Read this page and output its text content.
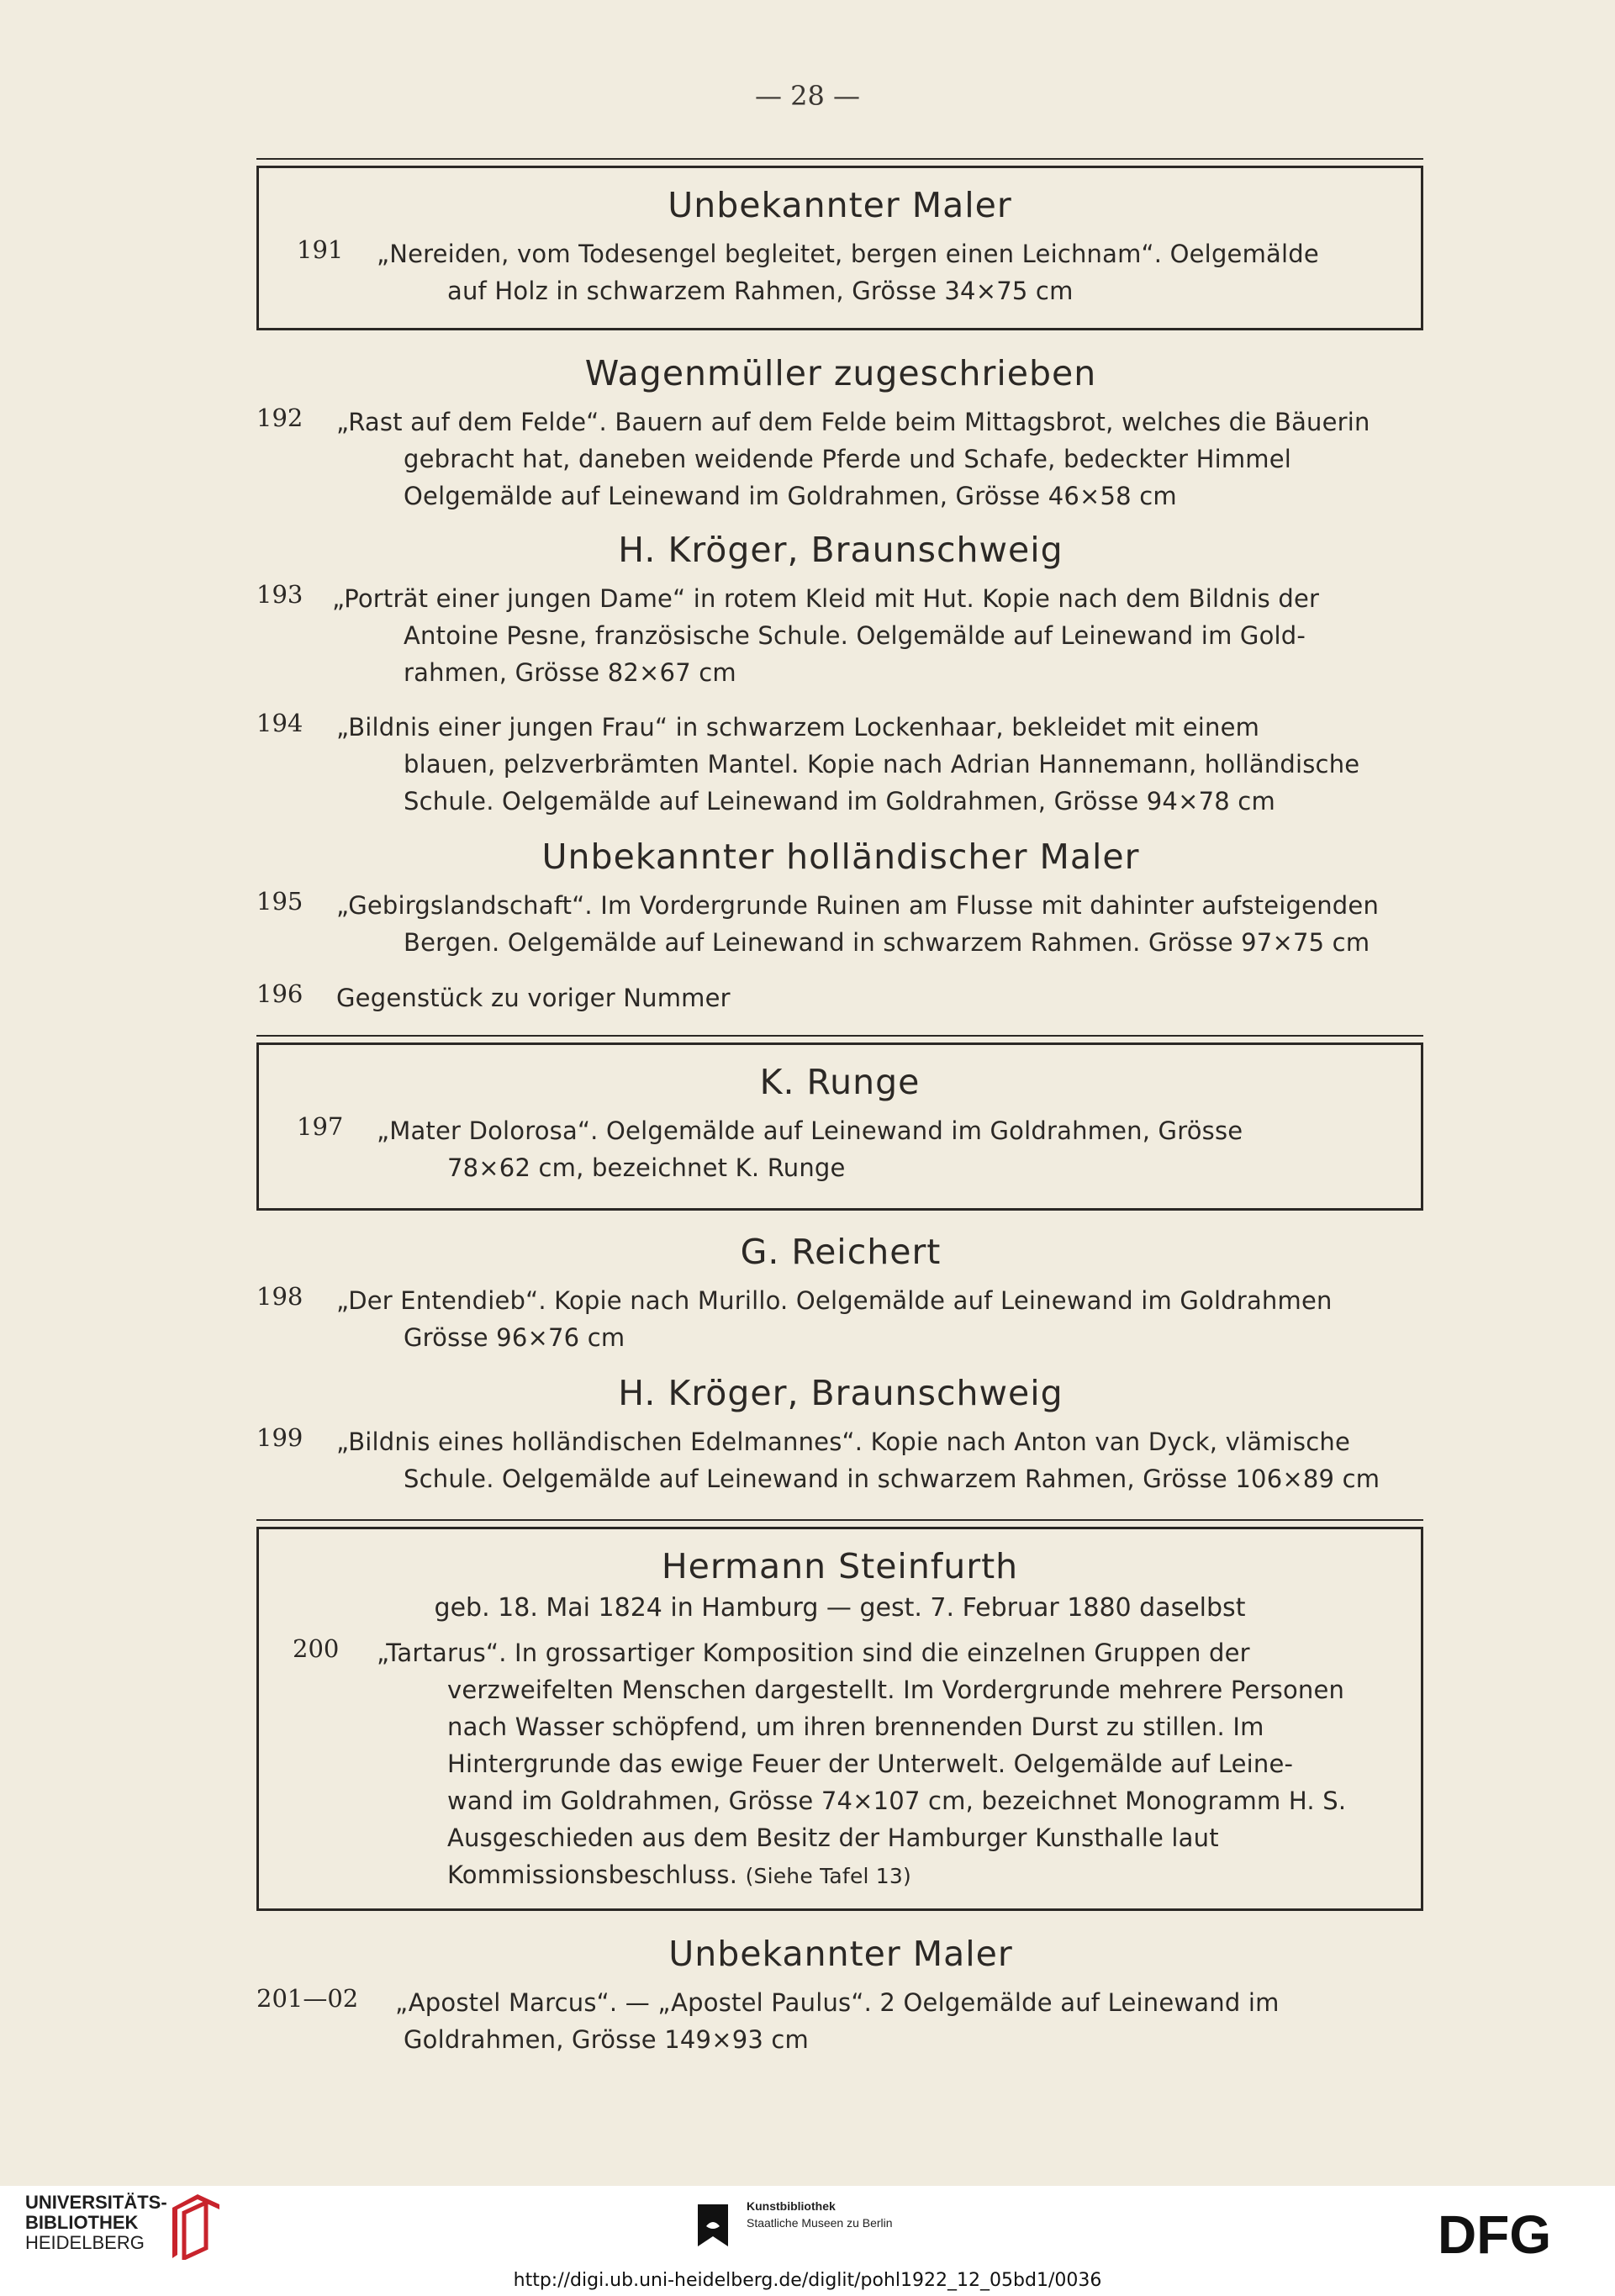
— 28 —
Unbekannter Maler
191 „Nereiden, vom Todesengel begleitet, bergen einen Leichnam“. Oelgemälde
auf Holz in schwarzem Rahmen, Grösse 34×75 cm
Wagenmüller zugeschrieben
192 „Rast auf dem Felde“. Bauern auf dem Felde beim Mittagsbrot, welches die Bäuerin
gebracht hat, daneben weidende Pferde und Schafe, bedeckter Himmel
Oelgemälde auf Leinewand im Goldrahmen, Grösse 46×58 cm
H. Kröger, Braunschweig
193 „Porträt einer jungen Dame“ in rotem Kleid mit Hut. Kopie nach dem Bildnis der
Antoine Pesne, französische Schule. Oelgemälde auf Leinewand im Gold-
rahmen, Grösse 82×67 cm
194 „Bildnis einer jungen Frau“ in schwarzem Lockenhaar, bekleidet mit einem
blauen, pelzverbrämten Mantel. Kopie nach Adrian Hannemann, holländische
Schule. Oelgemälde auf Leinewand im Goldrahmen, Grösse 94×78 cm
Unbekannter holländischer Maler
195 „Gebirgslandschaft“. Im Vordergrunde Ruinen am Flusse mit dahinter aufsteigenden
Bergen. Oelgemälde auf Leinewand in schwarzem Rahmen. Grösse 97×75 cm
196 Gegenstück zu voriger Nummer
K. Runge
197 „Mater Dolorosa“. Oelgemälde auf Leinewand im Goldrahmen, Grösse
78×62 cm, bezeichnet K. Runge
G. Reichert
198 „Der Entendieb“. Kopie nach Murillo. Oelgemälde auf Leinewand im Goldrahmen
Grösse 96×76 cm
H. Kröger, Braunschweig
199 „Bildnis eines holländischen Edelmannes“. Kopie nach Anton van Dyck, vlämische
Schule. Oelgemälde auf Leinewand in schwarzem Rahmen, Grösse 106×89 cm
Hermann Steinfurth
geb. 18. Mai 1824 in Hamburg — gest. 7. Februar 1880 daselbst
200 „Tartarus“. In grossartiger Komposition sind die einzelnen Gruppen der
verzweifelten Menschen dargestellt. Im Vordergrunde mehrere Personen
nach Wasser schöpfend, um ihren brennenden Durst zu stillen. Im
Hintergrunde das ewige Feuer der Unterwelt. Oelgemälde auf Leine-
wand im Goldrahmen, Grösse 74×107 cm, bezeichnet Monogramm H. S.
Ausgeschieden aus dem Besitz der Hamburger Kunsthalle laut
Kommissionsbeschluss. (Siehe Tafel 13)
Unbekannter Maler
201—02 „Apostel Marcus“. — „Apostel Paulus“. 2 Oelgemälde auf Leinewand im
Goldrahmen, Grösse 149×93 cm
UNIVERSITÄTS-
BIBLIOTHEK
HEIDELBERG
Kunstbibliothek
Staatliche Museen zu Berlin	DFG
http://digi.ub.uni-heidelberg.de/diglit/pohl1922_12_05bd1/0036
